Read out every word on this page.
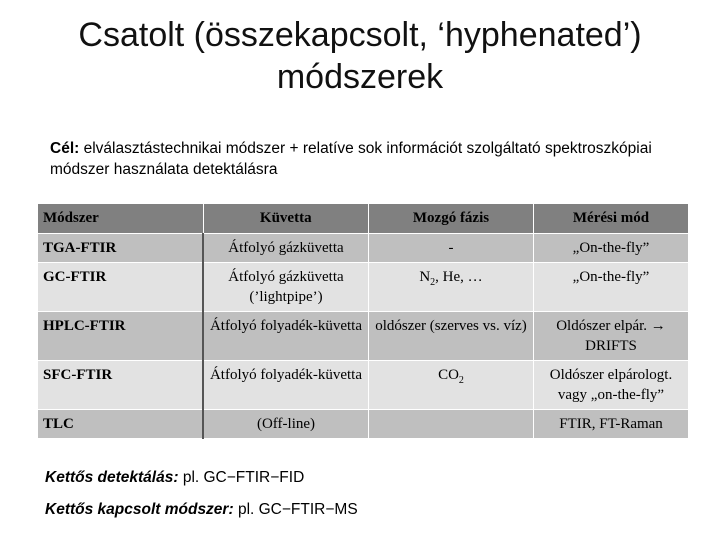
Csatolt (összekapcsolt, ‘hyphenated’)
módszerek
Cél: elválasztástechnikai módszer + relatíve sok információt szolgáltató spektroszkópiai módszer használata detektálásra
Módszer	Küvetta	Mozgó fázis	Mérési mód
TGA-FTIR	Átfolyó gázküvetta	-	„On-the-fly”
GC-FTIR	Átfolyó gázküvetta (’lightpipe’)	$N_2$, He, …	„On-the-fly”
HPLC-FTIR	Átfolyó folyadék-küvetta	oldószer (szerves vs. víz)	Oldószer elpár. → DRIFTS
SFC-FTIR	Átfolyó folyadék-küvetta	$CO_2$	Oldószer elpárologt. vagy „on-the-fly”
TLC	(Off-line)		FTIR, FT-Raman
Kettős detektálás: pl. GC−FTIR−FID
Kettős kapcsolt módszer: pl. GC−FTIR−MS
